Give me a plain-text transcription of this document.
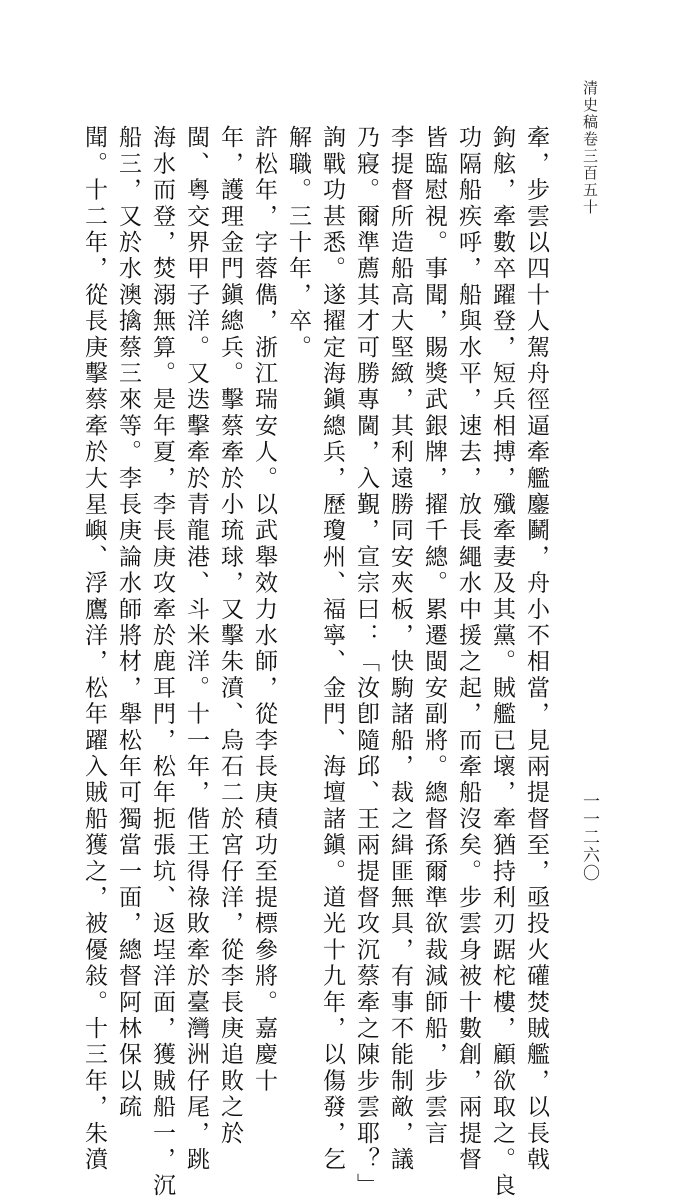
清史稿卷三百五十
一一二六〇
牽，步雲以四十人駕舟徑逼牽艦鏖鬭，舟小不相當，見兩提督至，亟投火礶焚賊艦，以長戟
鉤舷，牽數卒躍登，短兵相搏，殲牽妻及其黨。賊艦已壞，牽猶持利刃踞柁樓，顧欲取之。良
功隔船疾呼，船與水平，速去，放長繩水中援之起，而牽船沒矣。步雲身被十數創，兩提督
皆臨慰視。事聞，賜獎武銀牌，擢千總。累遷閩安副將。總督孫爾準欲裁減師船，步雲言
李提督所造船高大堅緻，其利遠勝同安夾板，快駒諸船，裁之緝匪無具，有事不能制敵，議
乃寢。爾準薦其才可勝專閫，入覲，宣宗曰：「汝卽隨邱、王兩提督攻沉蔡牽之陳步雲耶？」
詢戰功甚悉。遂擢定海鎭總兵，歷瓊州、福寧、金門、海壇諸鎭。道光十九年，以傷發，乞
解職。三十年，卒。
許松年，字蓉儁，浙江瑞安人。以武舉效力水師，從李長庚積功至提標參將。嘉慶十
年，護理金門鎭總兵。擊蔡牽於小琉球，又擊朱濆、烏石二於宮仔洋，從李長庚追敗之於
閩、粵交界甲子洋。又迭擊牽於青龍港、斗米洋。十一年，偕王得祿敗牽於臺灣洲仔尾，跳
海水而登，焚溺無算。是年夏，李長庚攻牽於鹿耳門，松年扼張坑、返埕洋面，獲賊船一，沉
船三，又於水澳擒蔡三來等。李長庚論水師將材，舉松年可獨當一面，總督阿林保以疏
聞。十二年，從長庚擊蔡牽於大星嶼、浮鷹洋，松年躍入賊船獲之，被優敍。十三年，朱濆
